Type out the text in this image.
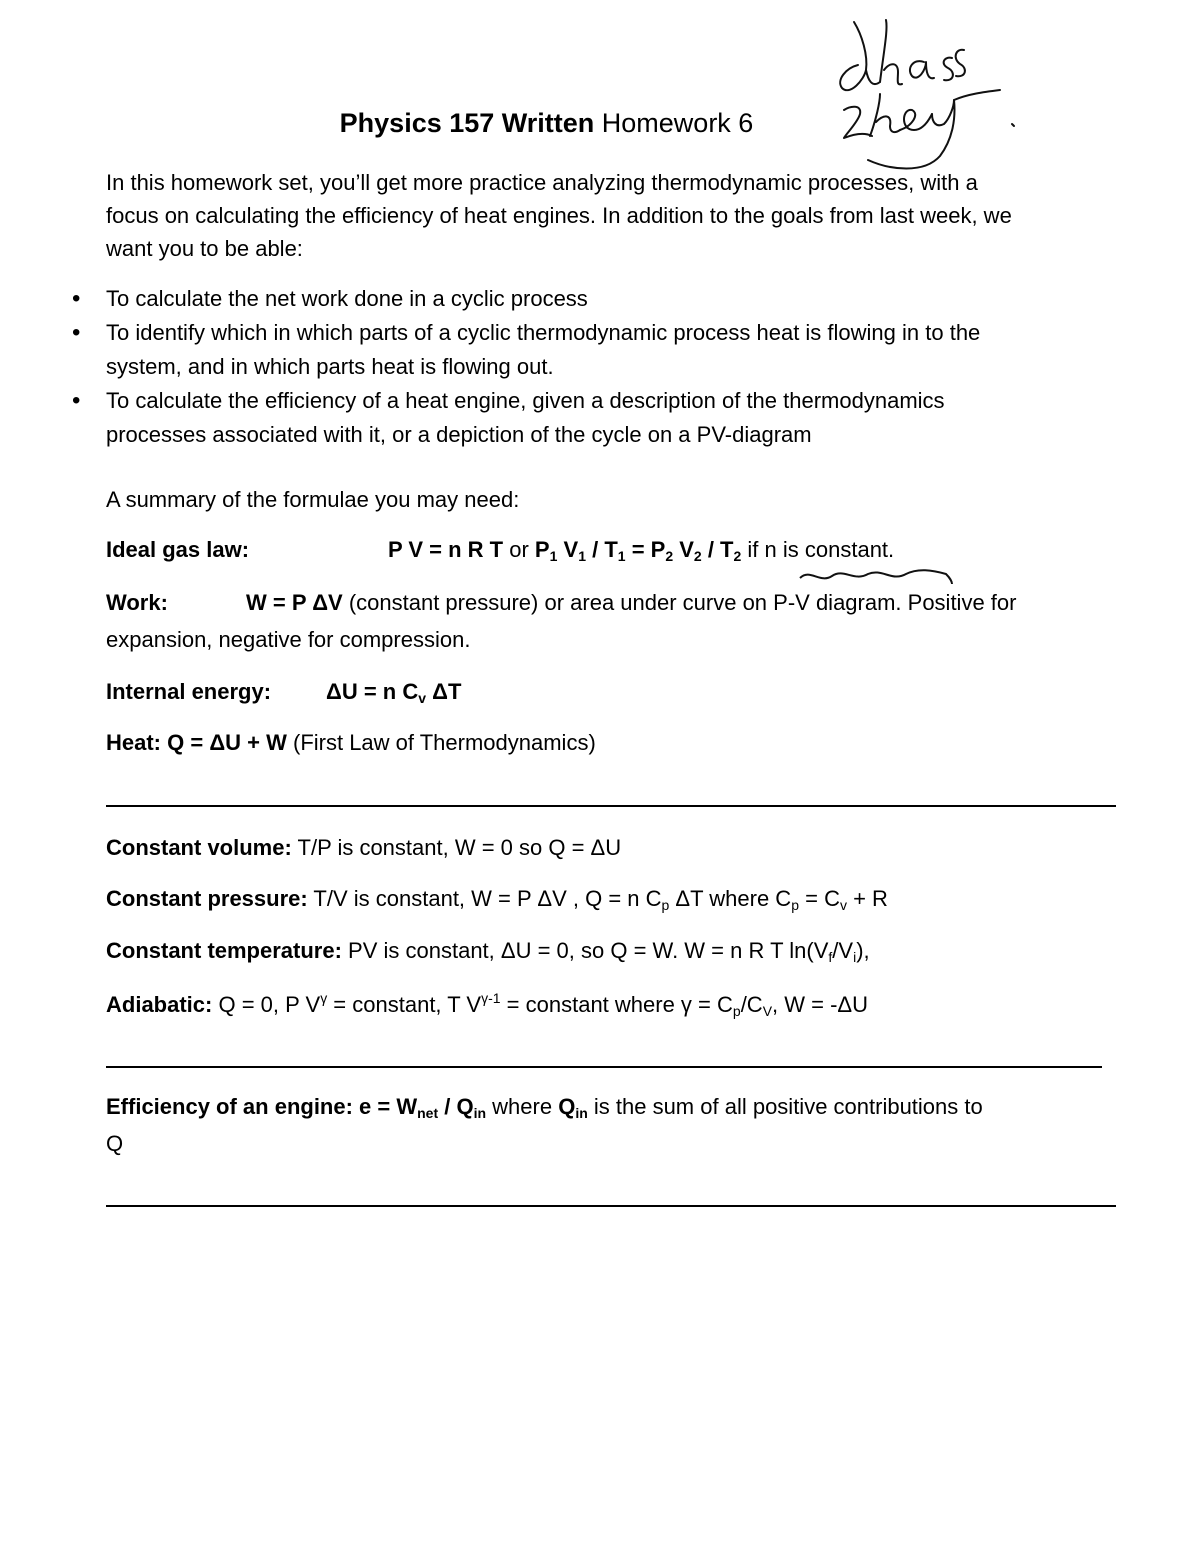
Physics 157 Written Homework 6

In this homework set, you’ll get more practice analyzing thermodynamic processes, with a

focus on calculating the efficiency of heat engines. In addition to the goals from last week, we

want you to be able:

• To calculate the net work done in a cyclic process
• To identify which in which parts of a cyclic thermodynamic process heat is flowing in to the
system, and in which parts heat is flowing out.
• To calculate the efficiency of a heat engine, given a description of the thermodynamics
processes associated with it, or a depiction of the cycle on a PV-diagram
A summary of the formulae you may need:
Ideal gas law:	P V = n R T or $P_1$ $V_1 / T_1 = P_2$ $V_2 / T_2$ if n is constant.
Work:	W = P ΔV (constant pressure) or area under curve on P-V diagram. Positive for
expansion, negative for compression.
Internal energy: ΔU = n $C_v$ ΔT
Heat: Q = ΔU + W (First Law of Thermodynamics)
Constant volume: T/P is constant, W = 0 so Q = ΔU
Constant pressure: T/V is constant, W = P ΔV , Q = n $C_p$ ΔT where $C_p = C_v + R$
Constant temperature: PV is constant, ΔU = 0, so Q = W. W = n R T $\ln(V_f/V_i)$,
Adiabatic: Q = 0, P $V^\gamma$ = constant, T $V^{\gamma-1}$ = constant where $\gamma = C_p/C_V$, W = -ΔU
Efficiency of an engine: $e = W_{net} / Q_{in}$ where $Q_{in}$ is the sum of all positive contributions to
Q
